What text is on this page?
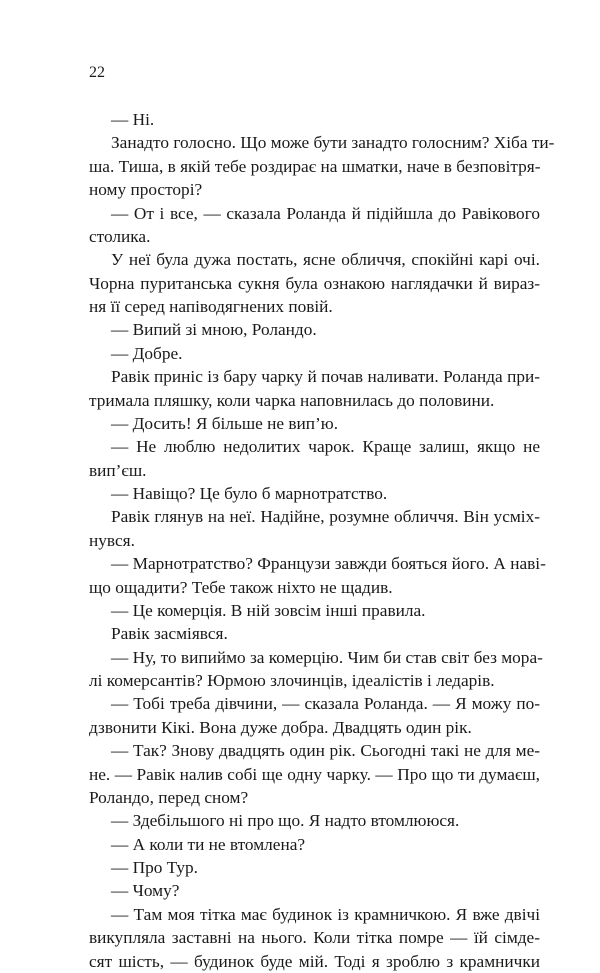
22
— Ні.
Занадто голосно. Що може бути занадто голосним? Хіба ти-
ша. Тиша, в якій тебе роздирає на шматки, наче в безповітря-
ному просторі?
— От і все, — сказала Роланда й підійшла до Равікового
столика.
У неї була дужа постать, ясне обличчя, спокійні карі очі.
Чорна пуританська сукня була ознакою наглядачки й вираз-
ня її серед напіводягнених повій.
— Випий зі мною, Роландо.
— Добре.
Равік приніс із бару чарку й почав наливати. Роланда при-
тримала пляшку, коли чарка наповнилась до половини.
— Досить! Я більше не вип’ю.
— Не люблю недолитих чарок. Краще залиш, якщо не
вип’єш.
— Навіщо? Це було б марнотратство.
Равік глянув на неї. Надійне, розумне обличчя. Він усміх-
нувся.
— Марнотратство? Французи завжди бояться його. А наві-
що ощадити? Тебе також ніхто не щадив.
— Це комерція. В ній зовсім інші правила.
Равік засміявся.
— Ну, то випиймо за комерцію. Чим би став світ без мора-
лі комерсантів? Юрмою злочинців, ідеалістів і ледарів.
— Тобі треба дівчини, — сказала Роланда. — Я можу по-
дзвонити Кікі. Вона дуже добра. Двадцять один рік.
— Так? Знову двадцять один рік. Сьогодні такі не для ме-
не. — Равік налив собі ще одну чарку. — Про що ти думаєш,
Роландо, перед сном?
— Здебільшого ні про що. Я надто втомлююся.
— А коли ти не втомлена?
— Про Тур.
— Чому?
— Там моя тітка має будинок із крамничкою. Я вже двічі
викупляла заставні на нього. Коли тітка помре — їй сімде-
сят шість, — будинок буде мій. Тоді я зроблю з крамнички
